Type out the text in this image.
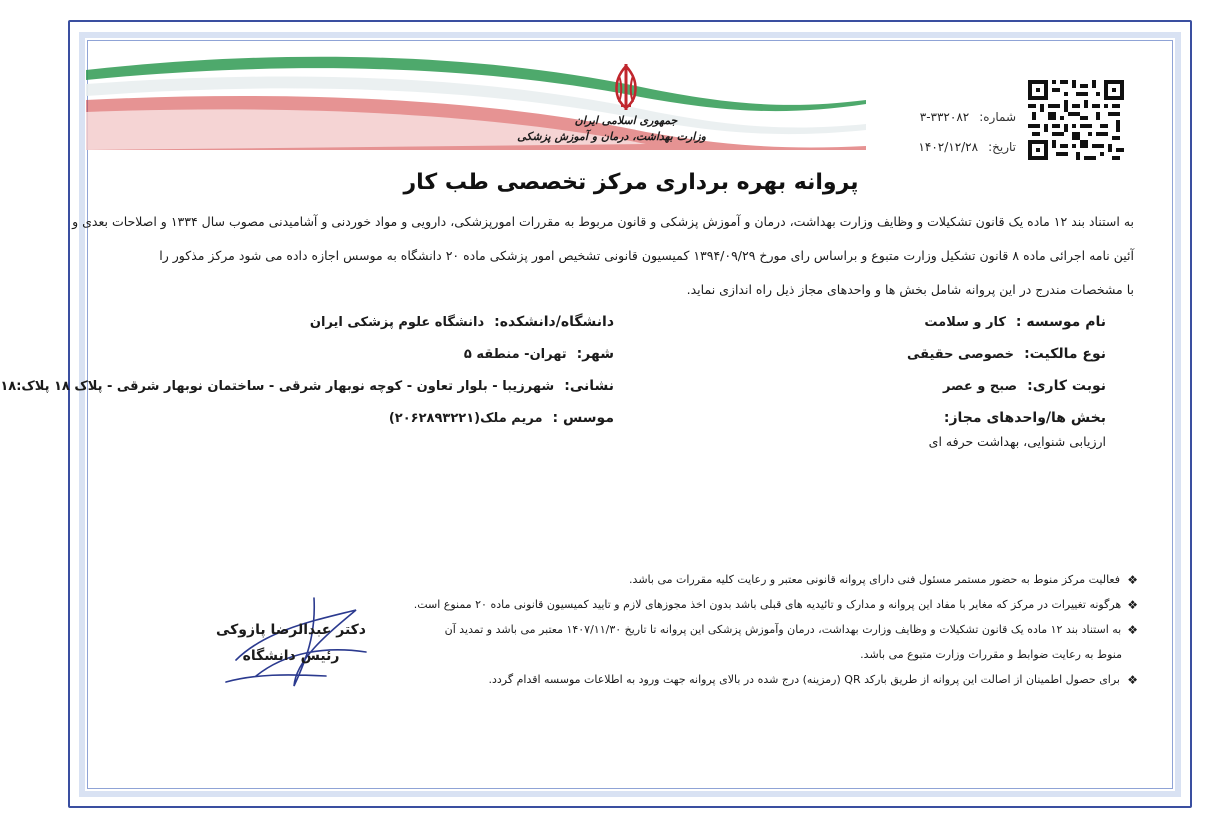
جمهوری اسلامی ایران
وزارت بهداشت، درمان و آموزش پزشکی
شماره:
۳-۳۳۲۰۸۲
تاریخ:
۱۴۰۲/۱۲/۲۸
پروانه بهره برداری مرکز تخصصی طب کار

به استناد بند ۱۲ ماده یک قانون تشکیلات و وظایف وزارت بهداشت، درمان و آموزش پزشکی و قانون مربوط به مقررات امورپزشکی، دارویی و مواد خوردنی و آشامیدنی مصوب سال ۱۳۳۴ و اصلاحات بعدی و

آئین نامه اجرائی ماده ۸ قانون تشکیل وزارت متبوع و براساس رای مورخ ۱۳۹۴/۰۹/۲۹ کمیسیون قانونی تشخیص امور پزشکی ماده ۲۰ دانشگاه به موسس اجازه داده می شود مرکز مذکور را

با مشخصات مندرج در این پروانه شامل بخش ها و واحدهای مجاز ذیل راه اندازی نماید.

نام موسسه :
کار و سلامت
نوع مالکیت:
خصوصی حقیقی
نوبت کاری:
صبح و عصر
بخش ها/واحدهای مجاز:
ارزیابی شنوایی، بهداشت حرفه ای
دانشگاه/دانشکده:
دانشگاه علوم پزشکی ایران
شهر:
تهران- منطقه ۵
نشانی:
شهرزیبا - بلوار تعاون - کوچه نوبهار شرقی - ساختمان نوبهار شرقی - پلاک ۱۸ پلاک:۱۸
موسس :
مریم ملک(۲۰۶۲۸۹۳۲۲۱)
❖
فعالیت مرکز منوط به حضور مستمر مسئول فنی دارای پروانه قانونی معتبر و رعایت کلیه مقررات می باشد.
❖
هرگونه تغییرات در مرکز که مغایر با مفاد این پروانه و مدارک و تائیدیه های قبلی باشد بدون اخذ مجوزهای لازم و تایید کمیسیون قانونی ماده ۲۰ ممنوع است.
❖
به استناد بند ۱۲ ماده یک قانون تشکیلات و وظایف وزارت بهداشت، درمان وآموزش پزشکی این پروانه تا تاریخ ۱۴۰۷/۱۱/۳۰ معتبر می باشد و تمدید آن
منوط به رعایت ضوابط و مقررات وزارت متبوع می باشد.
❖
برای حصول اطمینان از اصالت این پروانه از طریق بارکد QR (رمزینه) درج شده در بالای پروانه جهت ورود به اطلاعات موسسه اقدام گردد.
دکتر عبدالرضا پازوکی
رئیس دانشگاه
